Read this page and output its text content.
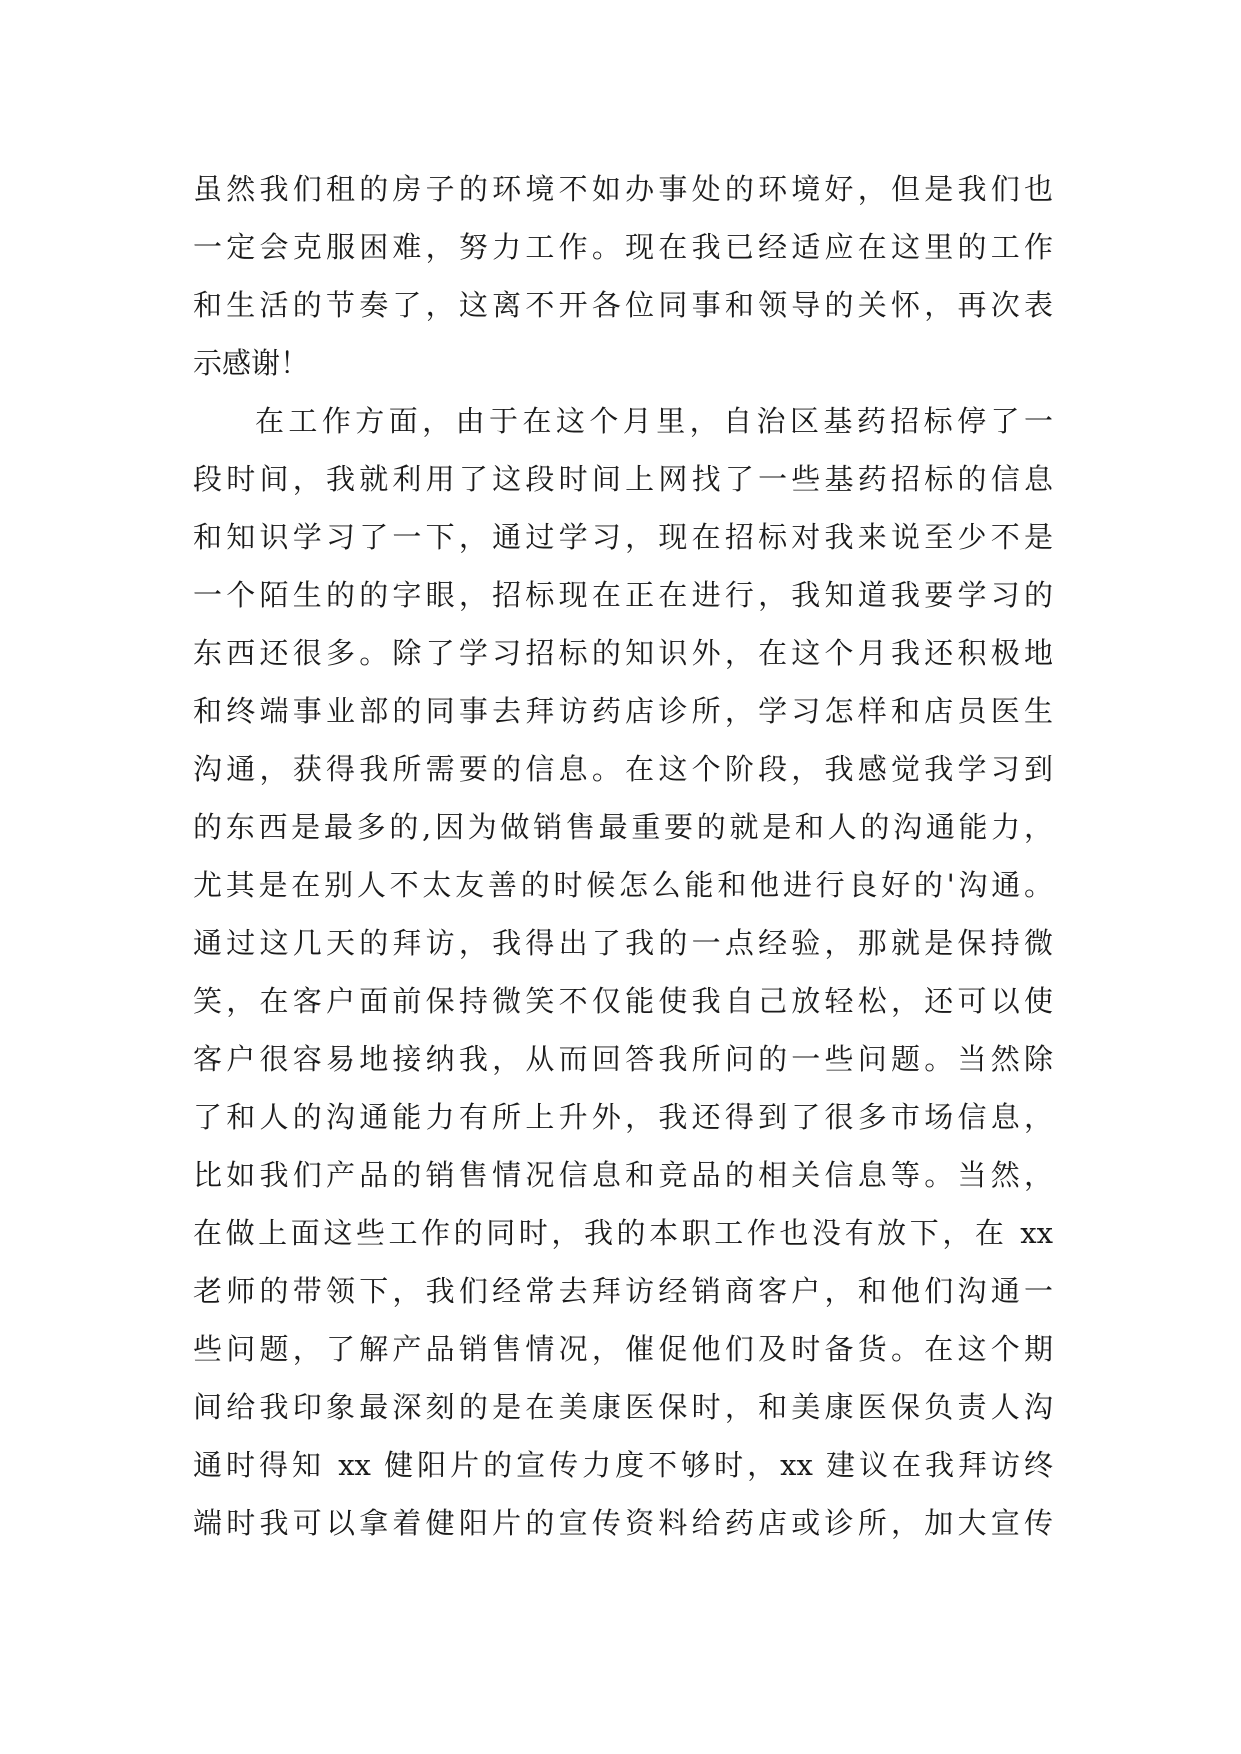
虽然我们租的房子的环境不如办事处的环境好，但是我们也
一定会克服困难，努力工作。现在我已经适应在这里的工作
和生活的节奏了，这离不开各位同事和领导的关怀，再次表
示感谢！
在工作方面，由于在这个月里，自治区基药招标停了一
段时间，我就利用了这段时间上网找了一些基药招标的信息
和知识学习了一下，通过学习，现在招标对我来说至少不是
一个陌生的的字眼，招标现在正在进行，我知道我要学习的
东西还很多。除了学习招标的知识外，在这个月我还积极地
和终端事业部的同事去拜访药店诊所，学习怎样和店员医生
沟通，获得我所需要的信息。在这个阶段，我感觉我学习到
的东西是最多的,因为做销售最重要的就是和人的沟通能力，
尤其是在别人不太友善的时候怎么能和他进行良好的'沟通。
通过这几天的拜访，我得出了我的一点经验，那就是保持微
笑，在客户面前保持微笑不仅能使我自己放轻松，还可以使
客户很容易地接纳我，从而回答我所问的一些问题。当然除
了和人的沟通能力有所上升外，我还得到了很多市场信息，
比如我们产品的销售情况信息和竞品的相关信息等。当然，
在做上面这些工作的同时，我的本职工作也没有放下，在 xx
老师的带领下，我们经常去拜访经销商客户，和他们沟通一
些问题，了解产品销售情况，催促他们及时备货。在这个期
间给我印象最深刻的是在美康医保时，和美康医保负责人沟
通时得知 xx 健阳片的宣传力度不够时，xx 建议在我拜访终
端时我可以拿着健阳片的宣传资料给药店或诊所，加大宣传
